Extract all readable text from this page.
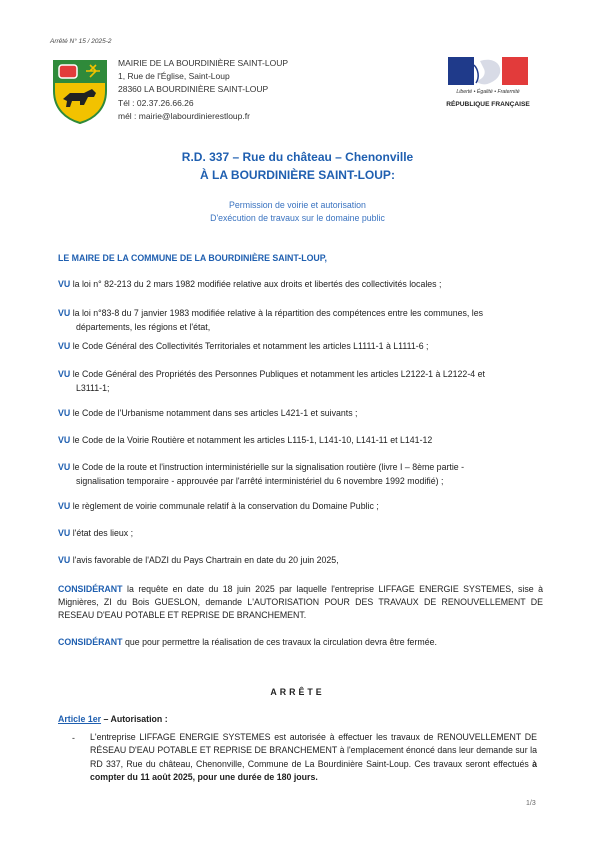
Arrêté N° 15 / 2025-2
MAIRIE DE LA BOURDINIÈRE SAINT-LOUP
1, Rue de l'Église, Saint-Loup
28360 LA BOURDINIÈRE SAINT-LOUP
Tél : 02.37.26.66.26
mél : mairie@labourdinierestloup.fr
Liberté • Égalité • Fraternité
RÉPUBLIQUE FRANÇAISE
R.D. 337 – Rue du château – Chenonville
À LA BOURDINIÈRE SAINT-LOUP:
Permission de voirie et autorisation
D'exécution de travaux sur le domaine public
LE MAIRE DE LA COMMUNE DE LA BOURDINIÈRE SAINT-LOUP,
VU la loi n° 82-213 du 2 mars 1982 modifiée relative aux droits et libertés des collectivités locales ;
VU la loi n°83-8 du 7 janvier 1983 modifiée relative à la répartition des compétences entre les communes, les
départements, les régions et l'état,
VU le Code Général des Collectivités Territoriales et notamment les articles L1111-1 à L1111-6 ;
VU le Code Général des Propriétés des Personnes Publiques et notamment les articles L2122-1 à L2122-4 et
L3111-1;
VU le Code de l'Urbanisme notamment dans ses articles L421-1 et suivants ;
VU le Code de la Voirie Routière et notamment les articles L115-1, L141-10, L141-11 et L141-12
VU le Code de la route et l'instruction interministérielle sur la signalisation routière (livre I – 8ème partie -
signalisation temporaire - approuvée par l'arrêté interministériel du 6 novembre 1992 modifié) ;
VU le règlement de voirie communale relatif à la conservation du Domaine Public ;
VU l'état des lieux ;
VU l'avis favorable de l'ADZI du Pays Chartrain en date du 20 juin 2025,
CONSIDÉRANT la requête en date du 18 juin 2025 par laquelle l'entreprise LIFFAGE ENERGIE SYSTEMES, sise à Mignières, ZI du Bois GUESLON, demande L'AUTORISATION POUR DES TRAVAUX DE RENOUVELLEMENT DE RESEAU D'EAU POTABLE ET REPRISE DE BRANCHEMENT.
CONSIDÉRANT que pour permettre la réalisation de ces travaux la circulation devra être fermée.
ARRÊTE
Article 1er – Autorisation :
- L'entreprise LIFFAGE ENERGIE SYSTEMES est autorisée à effectuer les travaux de RENOUVELLEMENT DE RÉSEAU D'EAU POTABLE ET REPRISE DE BRANCHEMENT à l'emplacement énoncé dans leur demande sur la RD 337, Rue du château, Chenonville, Commune de La Bourdinière Saint-Loup. Ces travaux seront effectués à compter du 11 août 2025, pour une durée de 180 jours.
1/3
